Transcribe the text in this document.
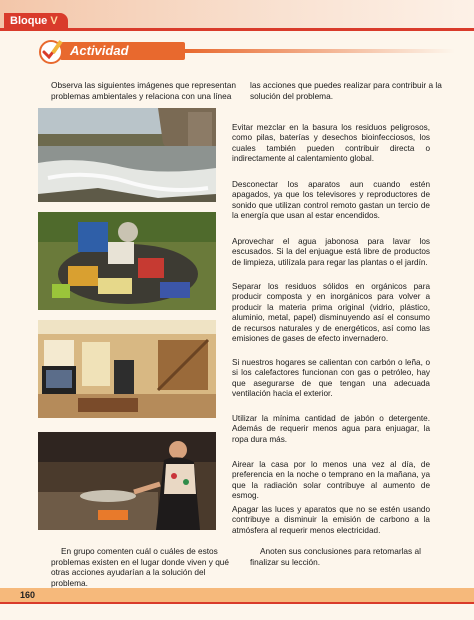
Bloque V
Actividad
Observa las siguientes imágenes que representan problemas ambientales y relaciona con una línea
las acciones que puedes realizar para contribuir a la solución del problema.
Evitar mezclar en la basura los residuos peligrosos, como pilas, baterías y desechos bioinfecciosos, los cuales también pueden contribuir directa o indirectamente al calentamiento global.
Desconectar los aparatos aun cuando estén apagados, ya que los televisores y reproductores de sonido que utilizan control remoto gastan un tercio de la energía que usan al estar encendidos.
Aprovechar el agua jabonosa para lavar los escusados. Si la del enjuague está libre de productos de limpieza, utilízala para regar las plantas o el jardín.
Separar los residuos sólidos en orgánicos para producir composta y en inorgánicos para volver a producir la materia prima original (vidrio, plástico, aluminio, metal, papel) disminuyendo así el consumo de recursos naturales y de energéticos, así como las emisiones de gases de efecto invernadero.
Si nuestros hogares se calientan con carbón o leña, o si los calefactores funcionan con gas o petróleo, hay que asegurarse de que tengan una adecuada ventilación hacia el exterior.
Utilizar la mínima cantidad de jabón o detergente. Además de requerir menos agua para enjuagar, la ropa dura más.
Airear la casa por lo menos una vez al día, de preferencia en la noche o temprano en la mañana, ya que la radiación solar contribuye al aumento de esmog.
Apagar las luces y aparatos que no se estén usando contribuye a disminuir la emisión de carbono a la atmósfera al requerir menos electricidad.
En grupo comenten cuál o cuáles de estos problemas existen en el lugar donde viven y qué otras acciones ayudarían a la solución del problema.
Anoten sus conclusiones para retomarlas al finalizar su lección.
160
